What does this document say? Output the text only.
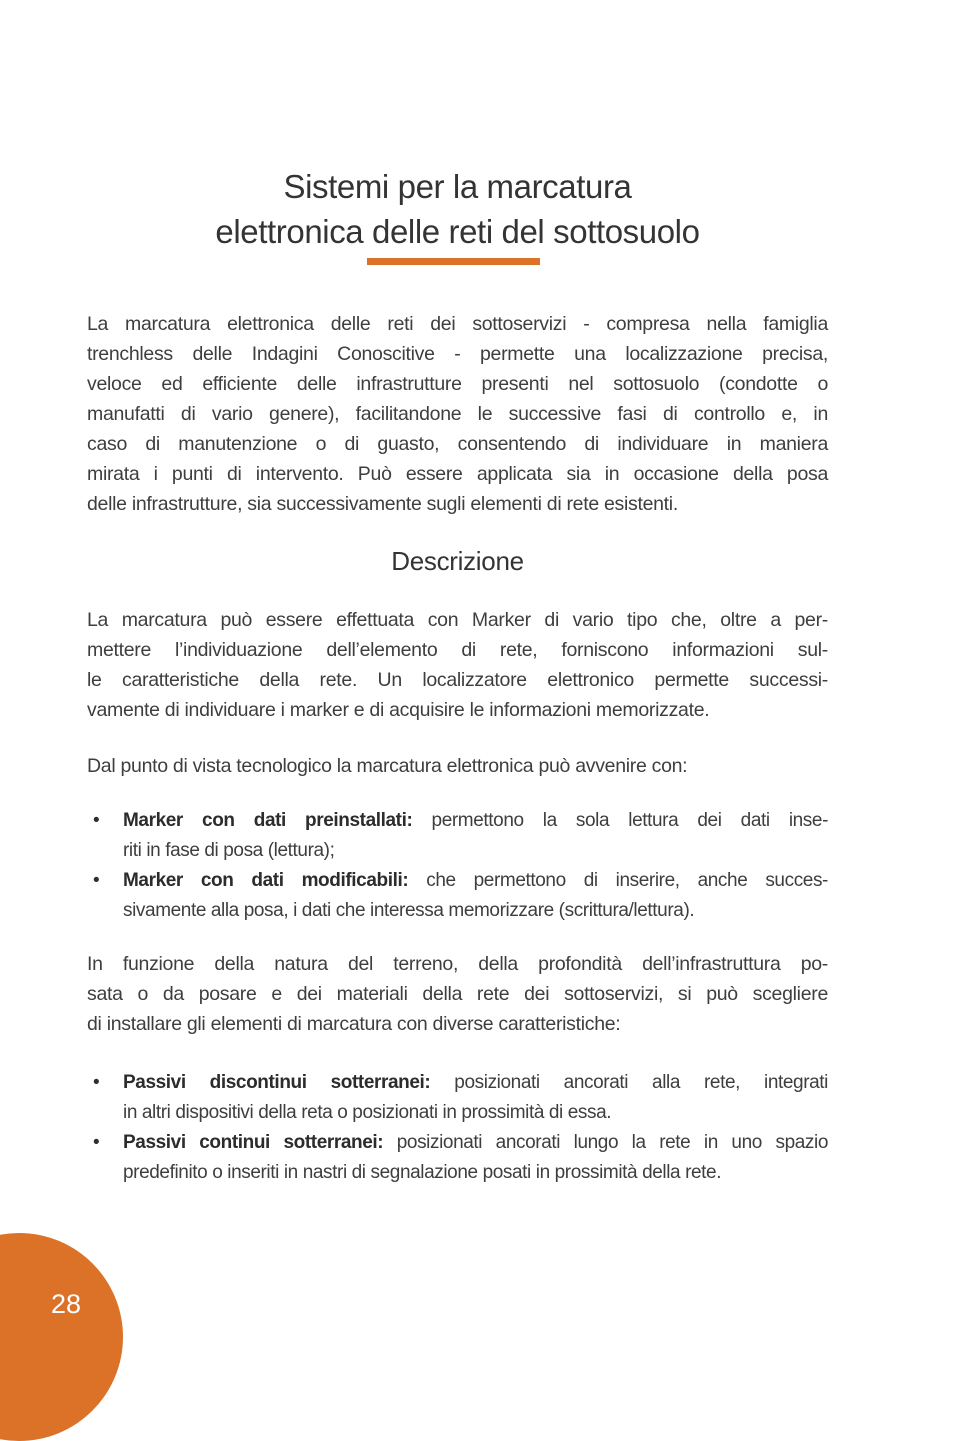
Sistemi per la marcatura
elettronica delle reti del sottosuolo
La marcatura elettronica delle reti dei sottoservizi - compresa nella famiglia
trenchless delle Indagini Conoscitive - permette una localizzazione precisa,
veloce ed efficiente delle infrastrutture presenti nel sottosuolo (condotte o
manufatti di vario genere), facilitandone le successive fasi di controllo e, in
caso di manutenzione o di guasto, consentendo di individuare in maniera
mirata i punti di intervento. Può essere applicata sia in occasione della posa
delle infrastrutture, sia successivamente sugli elementi di rete esistenti.
Descrizione
La marcatura può essere effettuata con Marker di vario tipo che, oltre a per-
mettere l’individuazione dell’elemento di rete, forniscono informazioni sul-
le caratteristiche della rete. Un localizzatore elettronico permette successi-
vamente di individuare i marker e di acquisire le informazioni memorizzate.
Dal punto di vista tecnologico la marcatura elettronica può avvenire con:
• Marker con dati preinstallati: permettono la sola lettura dei dati inse-
riti in fase di posa (lettura);
• Marker con dati modificabili: che permettono di inserire, anche succes-
sivamente alla posa, i dati che interessa memorizzare (scrittura/lettura).
In funzione della natura del terreno, della profondità dell’infrastruttura po-
sata o da posare e dei materiali della rete dei sottoservizi, si può scegliere
di installare gli elementi di marcatura con diverse caratteristiche:
• Passivi discontinui sotterranei: posizionati ancorati alla rete, integrati
in altri dispositivi della reta o posizionati in prossimità di essa.
• Passivi continui sotterranei: posizionati ancorati lungo la rete in uno spazio
predefinito o inseriti in nastri di segnalazione posati in prossimità della rete.
28
